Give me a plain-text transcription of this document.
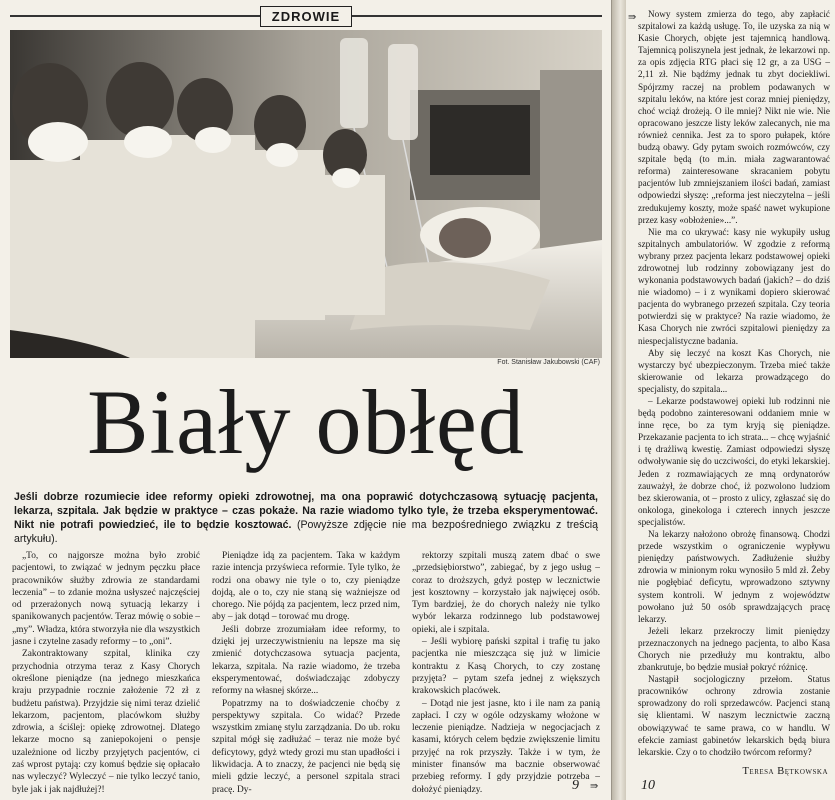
ZDROWIE
Fot. Stanisław Jakubowski (CAF)
Biały obłęd
Jeśli dobrze rozumiecie idee reformy opieki zdrowotnej, ma ona poprawić dotychczasową sytuację pacjenta, lekarza, szpitala. Jak będzie w praktyce – czas pokaże. Na razie wiadomo tylko tyle, że trzeba eksperymentować. Nikt nie potrafi powiedzieć, ile to będzie kosztować. (Powyższe zdjęcie nie ma bezpośredniego związku z treścią artykułu).

„To, co najgorsze można było zrobić pacjentowi, to związać w jednym pęczku płace pracowników służby zdrowia ze standardami leczenia” – to zdanie można usłyszeć najczęściej od przerażonych nową sytuacją lekarzy i spanikowanych pacjentów. Teraz mówię o sobie – „my”. Władza, która stworzyła nie dla wszystkich jasne i czytelne zasady reformy – to „oni”.

Zakontraktowany szpital, klinika czy przychodnia otrzyma teraz z Kasy Chorych określone pieniądze (na jednego mieszkańca kraju przypadnie rocznie założenie 72 zł z budżetu państwa). Przyjdzie się nimi teraz dzielić lekarzom, pacjentom, placówkom służby zdrowia, a ściślej: opiekę zdrowotnej. Dlatego lekarze mocno są zaniepokojeni o pensje uzależnione od liczby przyjętych pacjentów, ci zaś wprost pytają: czy komuś będzie się opłacało nas wyleczyć? Wyleczyć – nie tylko leczyć tanio, byle jak i jak najdłużej?!

Pieniądze idą za pacjentem. Taka w każdym razie intencja przyświeca reformie. Tyle tylko, że rodzi ona obawy nie tyle o to, czy pieniądze dojdą, ale o to, czy nie staną się ważniejsze od chorego. Nie pójdą za pacjentem, lecz przed nim, aby – jak dotąd – torować mu drogę.

Jeśli dobrze zrozumiałam idee reformy, to dzięki jej urzeczywistnieniu na lepsze ma się zmienić dotychczasowa sytuacja pacjenta, lekarza, szpitala. Na razie wiadomo, że trzeba eksperymentować, doświadczając zdobyczy reformy na własnej skórze...

Popatrzmy na to doświadczenie choćby z perspektywy szpitala. Co widać? Przede wszystkim zmianę stylu zarządzania. Do ub. roku szpital mógł się zadłużać – teraz nie może być deficytowy, gdyż wtedy grozi mu stan upadłości i likwidacja. A to znaczy, że pacjenci nie będą się mieli gdzie leczyć, a personel szpitala straci pracę. Dy-

rektorzy szpitali muszą zatem dbać o swe „przedsiębiorstwo”, zabiegać, by z jego usług – coraz to droższych, gdyż postęp w lecznictwie jest kosztowny – korzystało jak najwięcej osób. Tym bardziej, że do chorych należy nie tylko wybór lekarza rodzinnego lub podstawowej opieki, ale i szpitala.

– Jeśli wybiorę pański szpital i trafię tu jako pacjentka nie mieszcząca się już w limicie kontraktu z Kasą Chorych, to czy zostanę przyjęta? – pytam szefa jednej z większych krakowskich placówek.

– Dotąd nie jest jasne, kto i ile nam za panią zapłaci. I czy w ogóle odzyskamy włożone w leczenie pieniądze. Nadzieja w negocjacjach z kasami, których celem będzie zwiększenie limitu przyjęć na rok przyszły. Także i w tym, że minister finansów ma bacznie obserwować przebieg reformy. I gdy przyjdzie potrzeba – dołożyć pieniądzy.	⇛
9
⇛	Nowy system zmierza do tego, aby zapłacić szpitalowi za każdą usługę. To, ile uzyska za nią w Kasie Chorych, objęte jest tajemnicą handlową. Tajemnicą poliszynela jest jednak, że lekarzowi np. za opis zdjęcia RTG płaci się 12 gr, a za USG – 2,11 zł. Nie bądźmy jednak tu zbyt dociekliwi. Spójrzmy raczej na problem podawanych w szpitalu leków, na które jest coraz mniej pieniędzy, choć wciąż drożeją. O ile mniej? Nikt nie wie. Nie opracowano jeszcze listy leków zalecanych, nie ma również cennika. Jest za to sporo pułapek, które budzą obawy. Gdy pytam swoich rozmówców, czy szpitale będą (to m.in. miała zagwarantować reforma) zainteresowane skracaniem pobytu pacjentów lub zmniejszaniem ilości badań, zamiast odpowiedzi słyszę: „reforma jest nieczytelna – jeśli zredukujemy koszty, może spaść nawet wykupione przez kasy «obłożenie»...”.

Nie ma co ukrywać: kasy nie wykupiły usług szpitalnych ambulatoriów. W zgodzie z reformą wybrany przez pacjenta lekarz podstawowej opieki zdrowotnej lub rodzinny zobowiązany jest do wykonania podstawowych badań (jakich? – do dziś nie wiadomo) – i z wynikami dopiero skierować pacjenta do wybranego przezeń szpitala. Czy teoria potwierdzi się w praktyce? Na razie wiadomo, że Kasa Chorych nie zwróci szpitalowi pieniędzy za niespecjalistyczne badania.

Aby się leczyć na koszt Kas Chorych, nie wystarczy być ubezpieczonym. Trzeba mieć także skierowanie od lekarza prowadzącego do specjalisty, do szpitala...

– Lekarze podstawowej opieki lub rodzinni nie będą podobno zainteresowani oddaniem mnie w inne ręce, bo za tym kryją się pieniądze. Przekazanie pacjenta to ich strata... – chcę wyjaśnić i tę drażliwą kwestię. Zamiast odpowiedzi słyszę odwoływanie się do uczciwości, do etyki lekarskiej. Jeden z rozmawiających ze mną ordynatorów zauważył, że dobrze choć, iż pozwolono ludziom bez skierowania, ot – prosto z ulicy, zgłaszać się do onkologa, ginekologa i czterech innych jeszcze specjalistów.

Na lekarzy nałożono obrożę finansową. Chodzi przede wszystkim o ograniczenie wypływu pieniędzy państwowych. Zadłużenie służby zdrowia w minionym roku wynosiło 5 mld zł. Żeby nie pogłębiać deficytu, wprowadzono sztywny system kontroli. W jednym z województw powołano już 50 osób sprawdzających pracę lekarzy.

Jeżeli lekarz przekroczy limit pieniędzy przeznaczonych na jednego pacjenta, to albo Kasa Chorych nie przedłuży mu kontraktu, albo zbankrutuje, bo będzie musiał pokryć różnicę.

Nastąpił socjologiczny przełom. Status pracowników ochrony zdrowia zostanie sprowadzony do roli sprzedawców. Pacjenci staną się klientami. W naszym lecznictwie zaczną obowiązywać te same prawa, co w handlu. W efekcie zamiast gabinetów lekarskich będą biura lekarskie. Czy o to chodziło twórcom reformy?

Teresa Bętkowska
10
